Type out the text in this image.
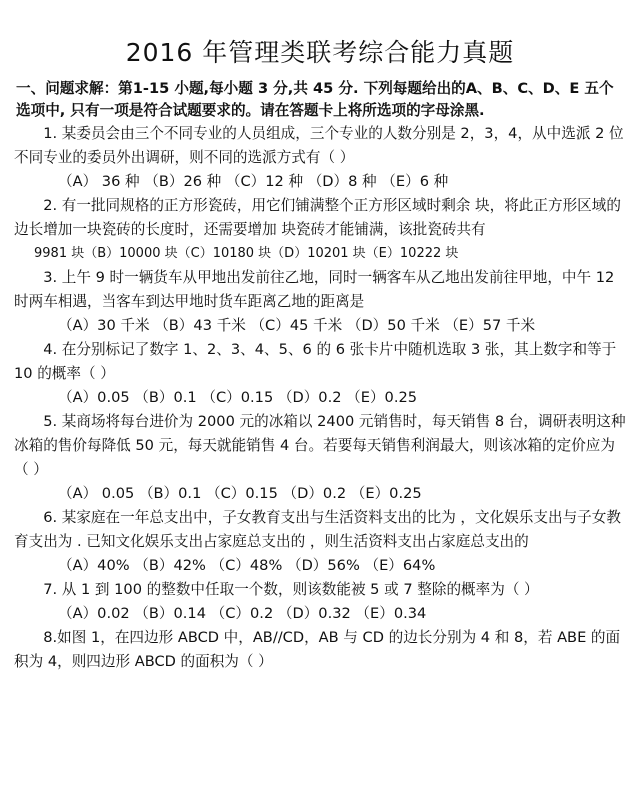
2016 年管理类联考综合能力真题

一、问题求解：第1-15 小题,每小题 3 分,共 45 分. 下列每题给出的A、B、C、D、E 五个选项中, 只有一项是符合试题要求的。请在答题卡上将所选项的字母涂黑.

1. 某委员会由三个不同专业的人员组成，三个专业的人数分别是 2，3，4，从中选派 2 位不同专业的委员外出调研，则不同的选派方式有（ ）

（A） 36 种 （B）26 种 （C）12 种 （D）8 种 （E）6 种

2. 有一批同规格的正方形瓷砖，用它们铺满整个正方形区域时剩余 块，将此正方形区域的边长增加一块瓷砖的长度时，还需要增加 块瓷砖才能铺满，该批瓷砖共有

9981 块（B）10000 块（C）10180 块（D）10201 块（E）10222 块

3. 上午 9 时一辆货车从甲地出发前往乙地，同时一辆客车从乙地出发前往甲地，中午 12 时两车相遇，当客车到达甲地时货车距离乙地的距离是

（A）30 千米 （B）43 千米 （C）45 千米 （D）50 千米 （E）57 千米

4. 在分别标记了数字 1、2、3、4、5、6 的 6 张卡片中随机选取 3 张，其上数字和等于 10 的概率（ ）

（A）0.05 （B）0.1 （C）0.15 （D）0.2 （E）0.25

5. 某商场将每台进价为 2000 元的冰箱以 2400 元销售时，每天销售 8 台，调研表明这种冰箱的售价每降低 50 元，每天就能销售 4 台。若要每天销售利润最大，则该冰箱的定价应为（ ）

（A） 0.05 （B）0.1 （C）0.15 （D）0.2 （E）0.25

6. 某家庭在一年总支出中，子女教育支出与生活资料支出的比为 ，文化娱乐支出与子女教育支出为 . 已知文化娱乐支出占家庭总支出的 ，则生活资料支出占家庭总支出的

（A）40% （B）42% （C）48% （D）56% （E）64%

7. 从 1 到 100 的整数中任取一个数，则该数能被 5 或 7 整除的概率为（ ）

（A）0.02 （B）0.14 （C）0.2 （D）0.32 （E）0.34

8.如图 1，在四边形 ABCD 中，AB//CD，AB 与 CD 的边长分别为 4 和 8，若 ABE 的面积为 4，则四边形 ABCD 的面积为（ ）
